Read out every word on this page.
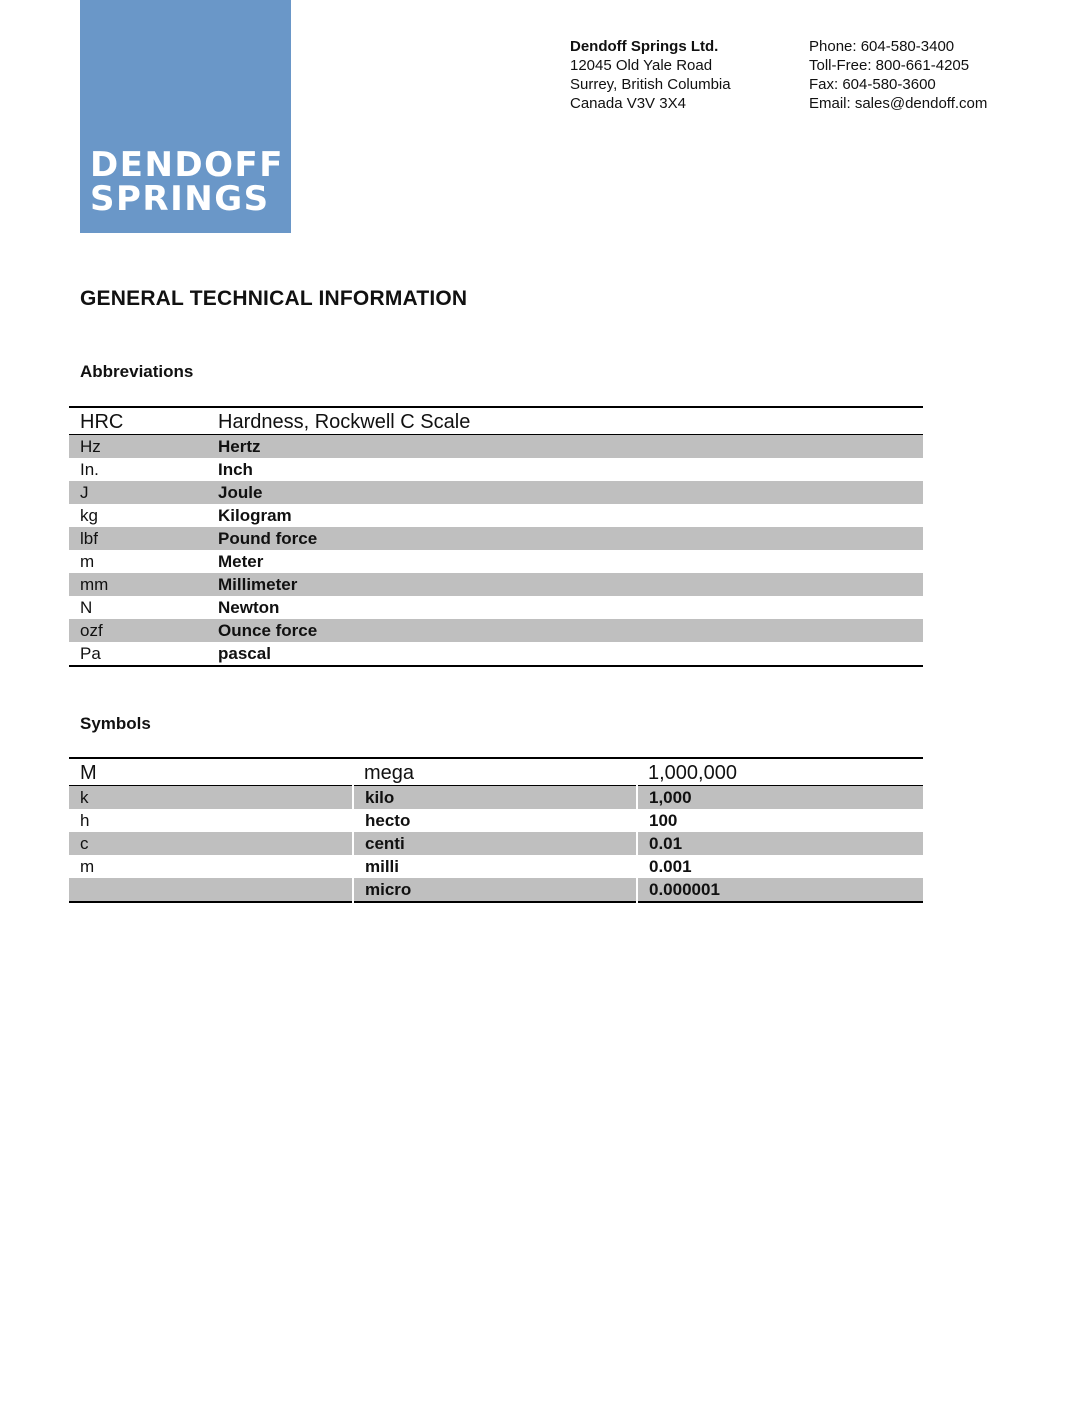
DENDOFF
SPRINGS
Dendoff Springs Ltd.
12045 Old Yale Road
Surrey, British Columbia
Canada V3V 3X4
Phone: 604-580-3400
Toll-Free: 800-661-4205
Fax: 604-580-3600
Email: sales@dendoff.com
GENERAL TECHNICAL INFORMATION
Abbreviations
HRC	Hardness, Rockwell C Scale
Hz	Hertz
In.	Inch
J	Joule
kg	Kilogram
lbf	Pound force
m	Meter
mm	Millimeter
N	Newton
ozf	Ounce force
Pa	pascal
Symbols
M	mega	1,000,000
k	kilo	1,000
h	hecto	100
c	centi	0.01
m	milli	0.001
	micro	0.000001
